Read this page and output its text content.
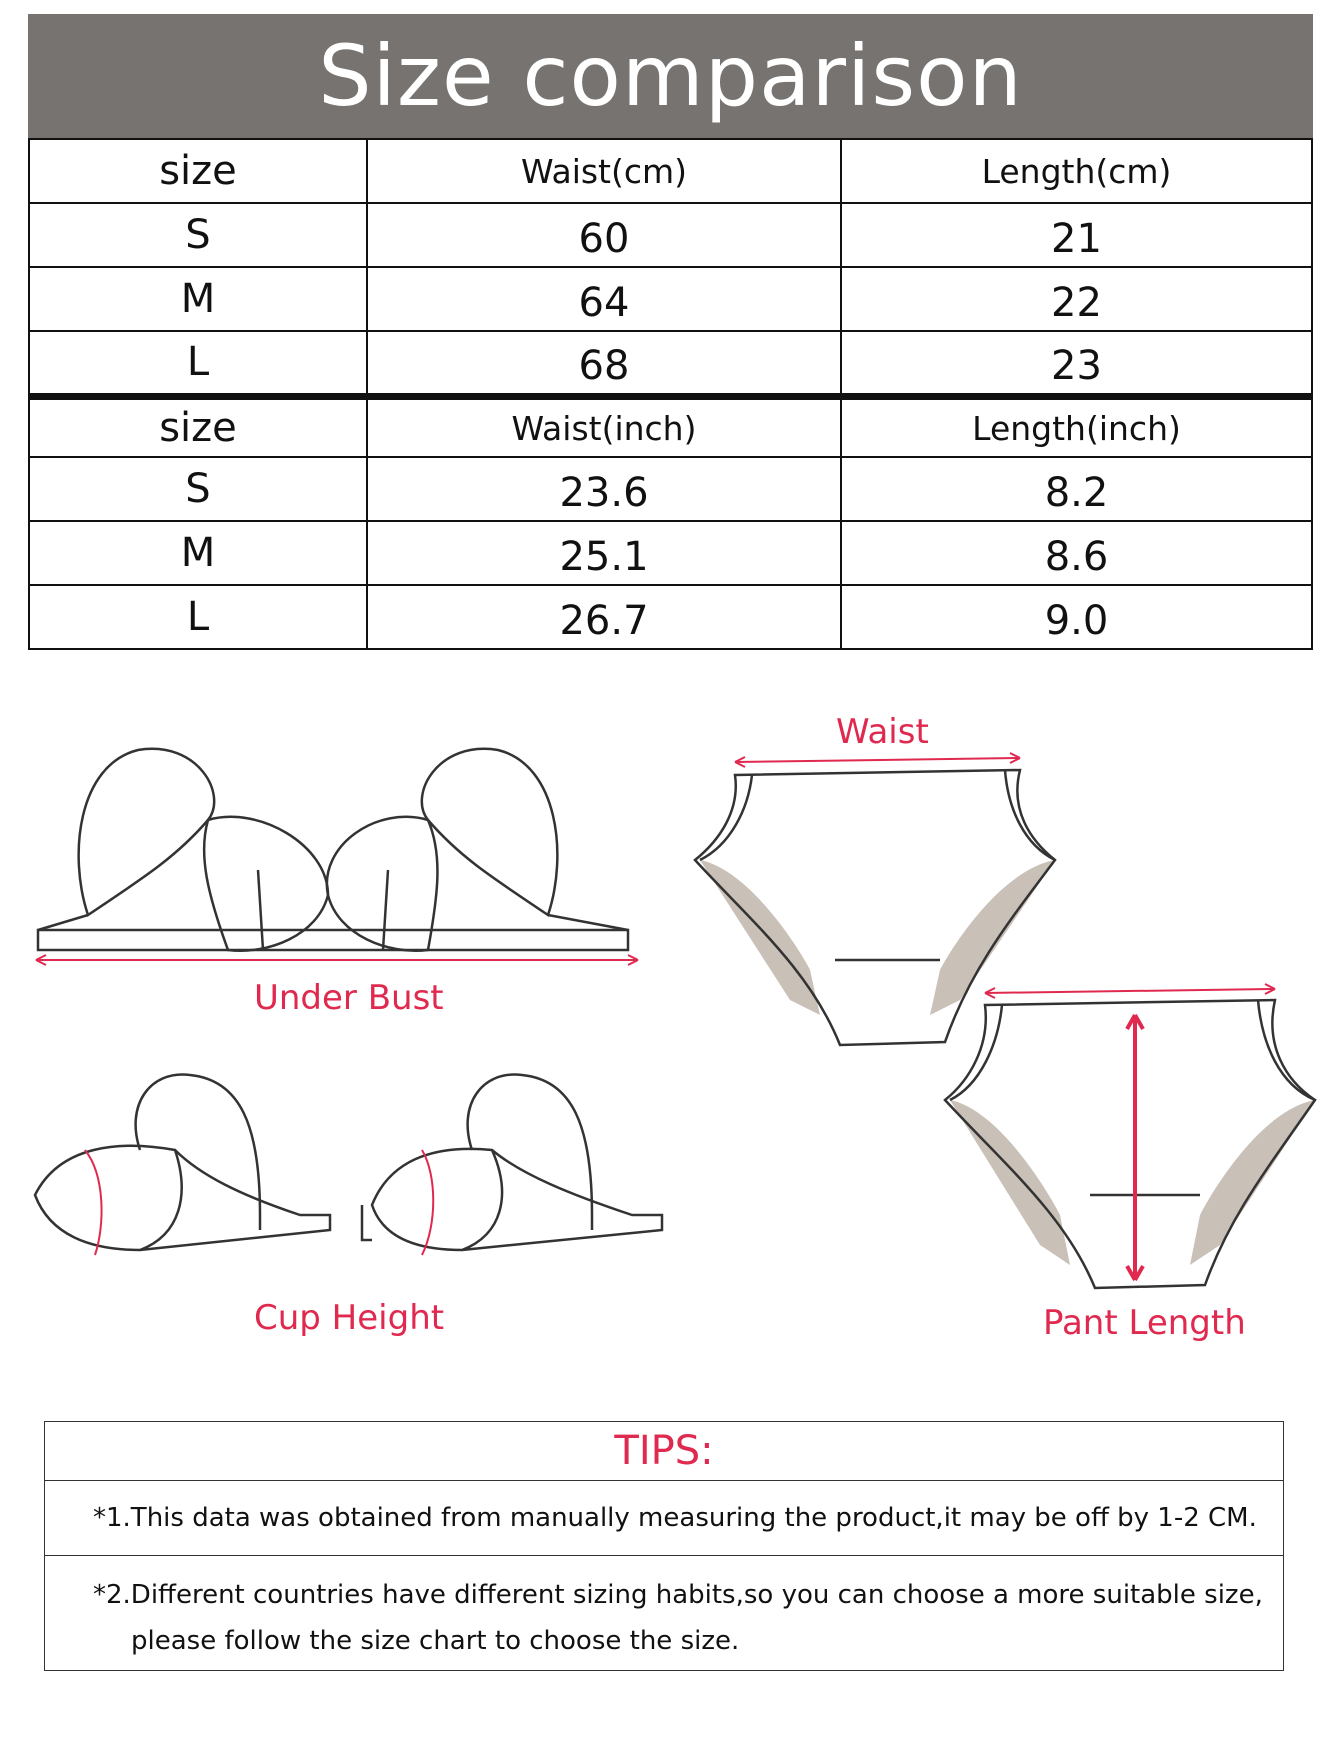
Size comparison
size	Waist(cm)	Length(cm)
S	60	21
M	64	22
L	68	23
size	Waist(inch)	Length(inch)
S	23.6	8.2
M	25.1	8.6
L	26.7	9.0
Under Bust
Cup Height
Waist
Pant Length
TIPS:
*1.This data was obtained from manually measuring the product,it may be off by 1-2 CM.
*2.Different countries have different sizing habits,so you can choose a more suitable size,
please follow the size chart to choose the size.
